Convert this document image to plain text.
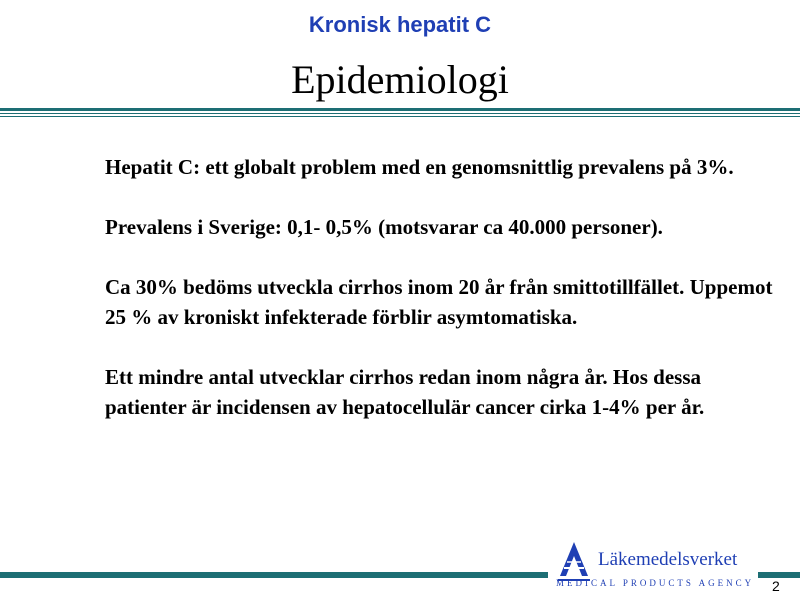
Kronisk hepatit C
Epidemiologi

Hepatit C: ett globalt problem med en genomsnittlig prevalens på 3%.

Prevalens i Sverige: 0,1- 0,5% (motsvarar ca 40.000 personer).

Ca 30% bedöms utveckla cirrhos inom 20 år från smittotillfället. Uppemot 25 % av kroniskt infekterade förblir asymtomatiska.

Ett mindre antal utvecklar cirrhos redan inom några år. Hos dessa patienter är incidensen av hepatocellulär cancer cirka 1-4% per år.

Läkemedelsverket
MEDICAL PRODUCTS AGENCY 2
